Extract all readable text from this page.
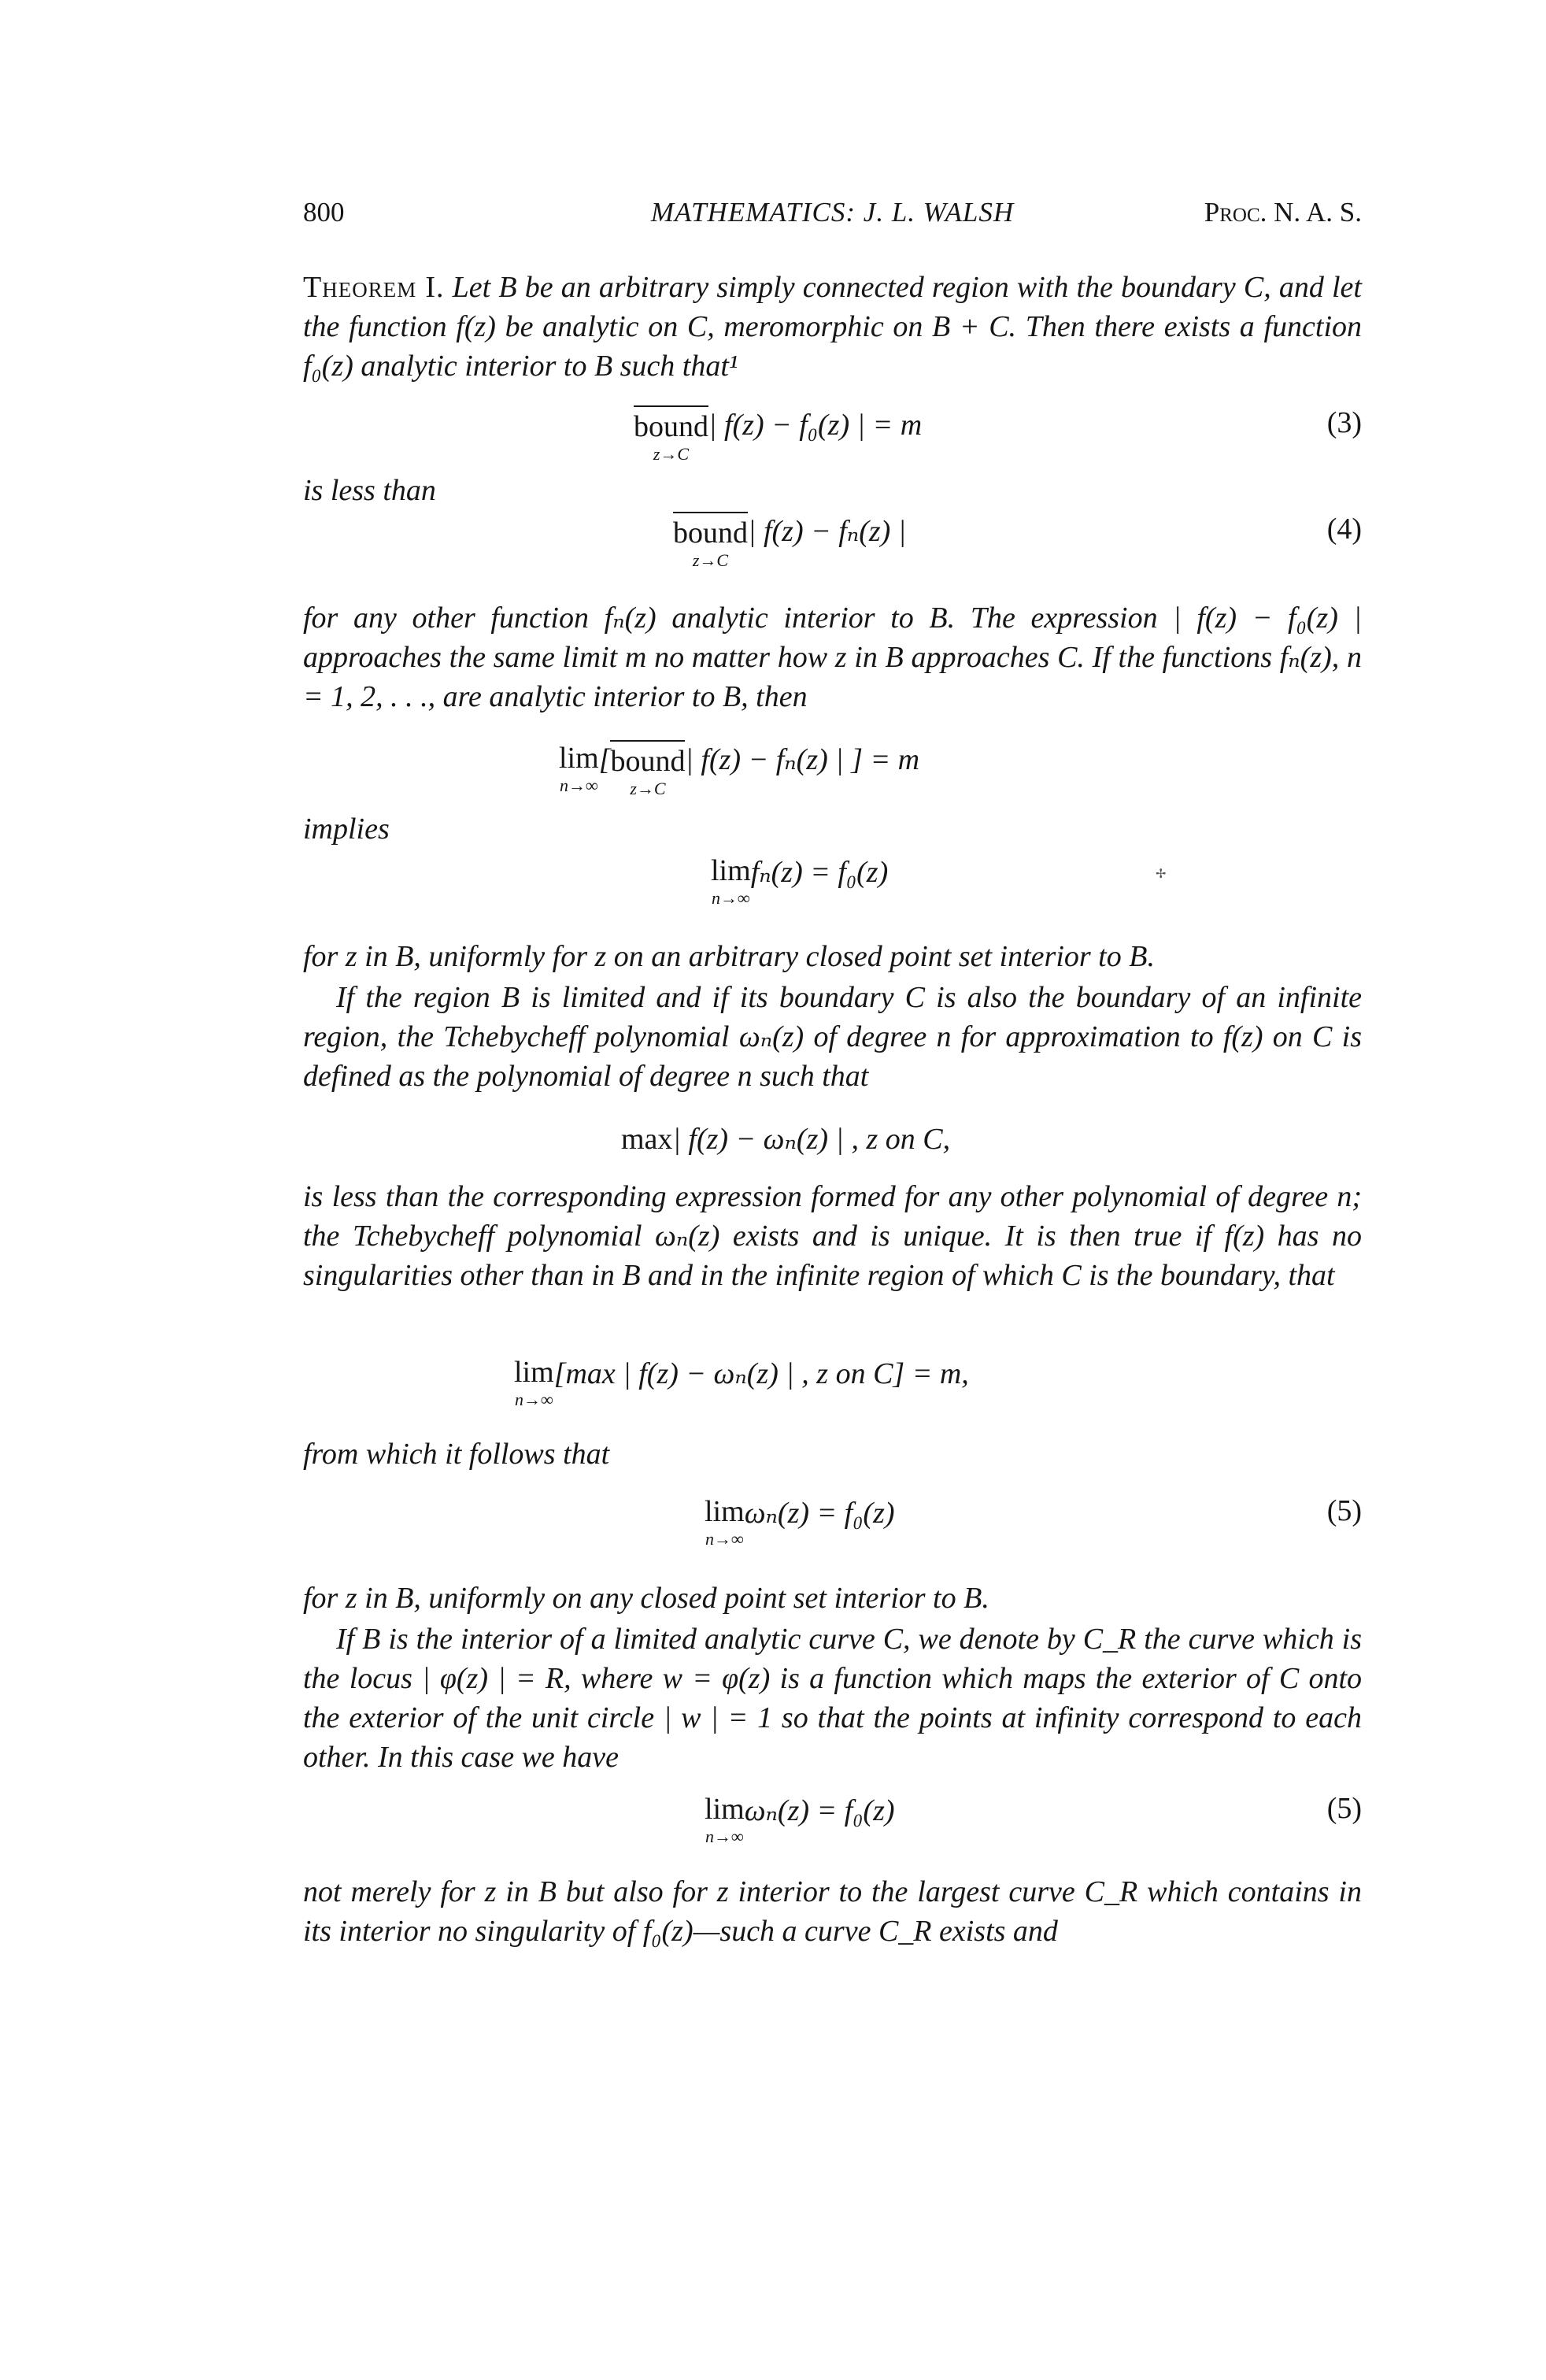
800	MATHEMATICS: J. L. WALSH	Proc. N. A. S.
Theorem I. Let B be an arbitrary simply connected region with the boundary C, and let the function f(z) be analytic on C, meromorphic on B + C. Then there exists a function f₀(z) analytic interior to B such that¹
bound
z→C
| f(z) − f₀(z) | = m	(3)
is less than
bound
z→C
| f(z) − fₙ(z) |	(4)
for any other function fₙ(z) analytic interior to B. The expression | f(z) − f₀(z) | approaches the same limit m no matter how z in B approaches C. If the functions fₙ(z), n = 1, 2, . . ., are analytic interior to B, then
lim
n→∞
[ bound
z→C
| f(z) − fₙ(z) | ] = m
implies
lim
n→∞
fₙ(z) = f₀(z)	✢
for z in B, uniformly for z on an arbitrary closed point set interior to B.
If the region B is limited and if its boundary C is also the boundary of an infinite region, the Tchebycheff polynomial ωₙ(z) of degree n for approximation to f(z) on C is defined as the polynomial of degree n such that
max| f(z) − ωₙ(z) | , z on C,
is less than the corresponding expression formed for any other polynomial of degree n; the Tchebycheff polynomial ωₙ(z) exists and is unique. It is then true if f(z) has no singularities other than in B and in the infinite region of which C is the boundary, that
lim
n→∞
[max | f(z) − ωₙ(z) | , z on C] = m,
from which it follows that
lim
n→∞
ωₙ(z) = f₀(z)	(5)
for z in B, uniformly on any closed point set interior to B.
If B is the interior of a limited analytic curve C, we denote by C_R the curve which is the locus | φ(z) | = R, where w = φ(z) is a function which maps the exterior of C onto the exterior of the unit circle | w | = 1 so that the points at infinity correspond to each other. In this case we have
lim
n→∞
ωₙ(z) = f₀(z)	(5)
not merely for z in B but also for z interior to the largest curve C_R which contains in its interior no singularity of f₀(z)—such a curve C_R exists and
